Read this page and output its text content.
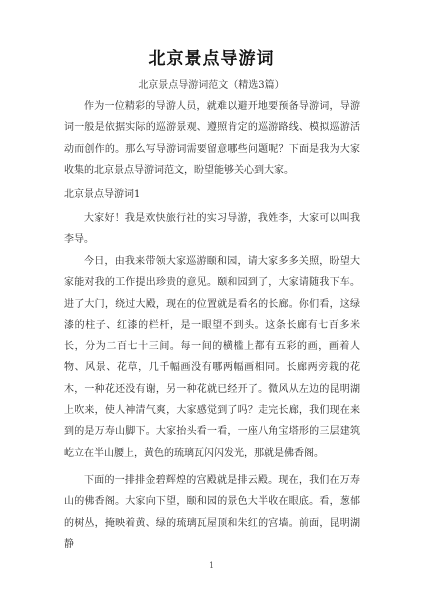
北京景点导游词
北京景点导游词范文（精选3篇）
作为一位精彩的导游人员，就难以避开地要预备导游词，导游词一般是依据实际的巡游景观、遵照肯定的巡游路线、模拟巡游活动而创作的。那么写导游词需要留意哪些问题呢？下面是我为大家收集的北京景点导游词范文，盼望能够关心到大家。
北京景点导游词1
大家好！我是欢快旅行社的实习导游，我姓李，大家可以叫我李导。
今日，由我来带领大家巡游颐和园，请大家多多关照，盼望大家能对我的工作提出珍贵的意见。颐和园到了，大家请随我下车。进了大门，绕过大殿，现在的位置就是看名的长廊。你们看，这绿漆的柱子、红漆的栏杆，是一眼望不到头。这条长廊有七百多米长，分为二百七十三间。每一间的横槛上都有五彩的画，画着人物、风景、花草，几千幅画没有哪两幅画相同。长廊两旁栽的花木，一种花还没有谢，另一种花就已经开了。微风从左边的昆明湖上吹来，使人神清气爽，大家感觉到了吗？走完长廊，我们现在来到的是万寿山脚下。大家抬头看一看，一座八角宝塔形的三层建筑屹立在半山腰上，黄色的琉璃瓦闪闪发光，那就是佛香阁。
下面的一排排金碧辉煌的宫殿就是排云殿。现在，我们在万寿山的佛香阁。大家向下望，颐和园的景色大半收在眼底。看，葱郁的树丛，掩映着黄、绿的琉璃瓦屋顶和朱红的宫墙。前面，昆明湖静
1
